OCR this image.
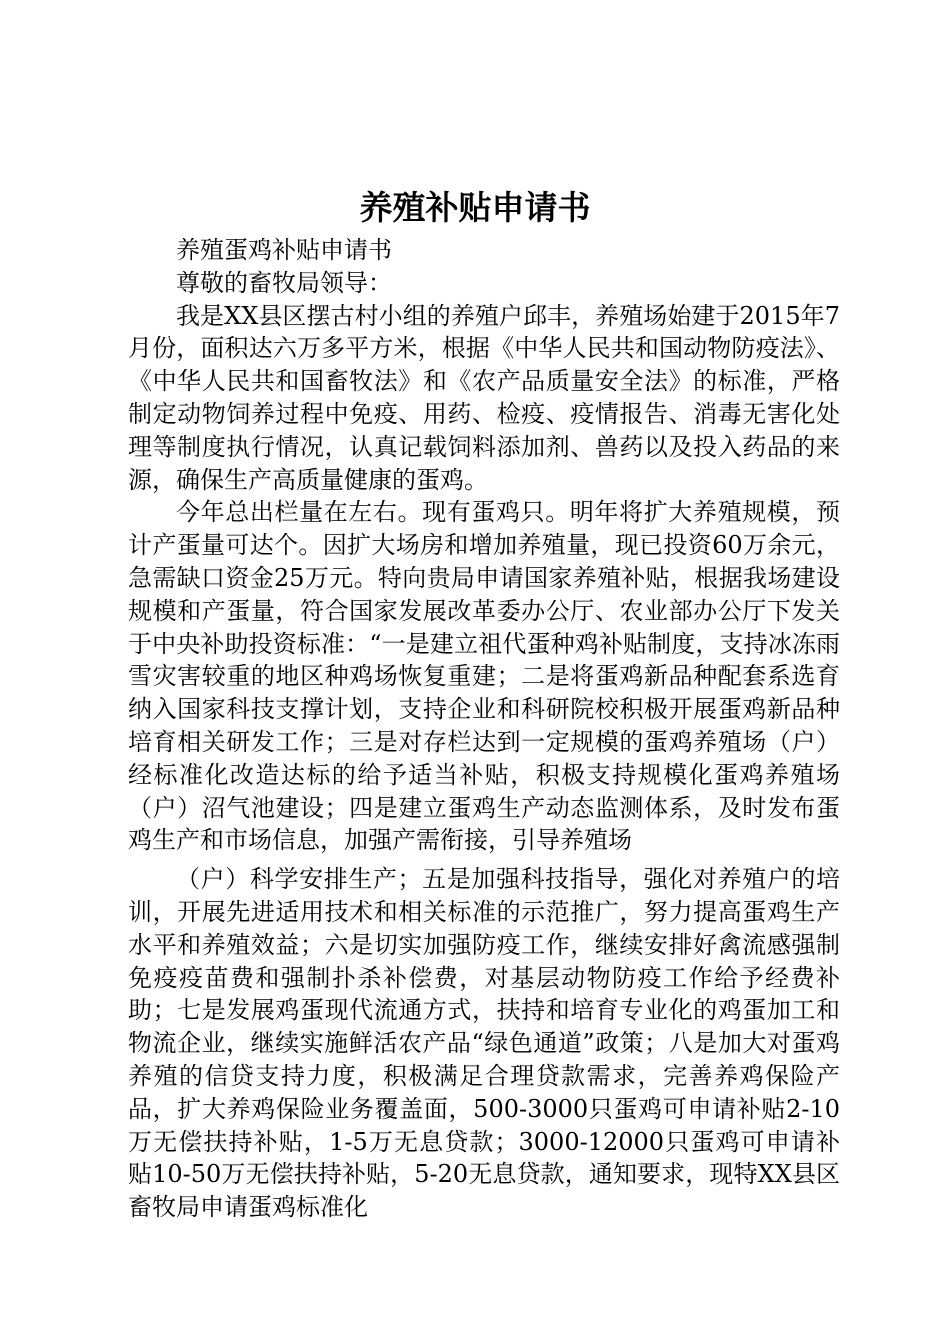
养殖补贴申请书

养殖蛋鸡补贴申请书

尊敬的畜牧局领导：

我是XX县区摆古村小组的养殖户邱丰，养殖场始建于2015年7月份，面积达六万多平方米，根据《中华人民共和国动物防疫法》、《中华人民共和国畜牧法》和《农产品质量安全法》的标准，严格制定动物饲养过程中免疫、用药、检疫、疫情报告、消毒无害化处理等制度执行情况，认真记载饲料添加剂、兽药以及投入药品的来源，确保生产高质量健康的蛋鸡。

今年总出栏量在左右。现有蛋鸡只。明年将扩大养殖规模，预计产蛋量可达个。因扩大场房和增加养殖量，现已投资60万余元，急需缺口资金25万元。特向贵局申请国家养殖补贴，根据我场建设规模和产蛋量，符合国家发展改革委办公厅、农业部办公厅下发关于中央补助投资标准：“一是建立祖代蛋种鸡补贴制度，支持冰冻雨雪灾害较重的地区种鸡场恢复重建；二是将蛋鸡新品种配套系选育纳入国家科技支撑计划，支持企业和科研院校积极开展蛋鸡新品种培育相关研发工作；三是对存栏达到一定规模的蛋鸡养殖场（户）经标准化改造达标的给予适当补贴，积极支持规模化蛋鸡养殖场（户）沼气池建设；四是建立蛋鸡生产动态监测体系，及时发布蛋鸡生产和市场信息，加强产需衔接，引导养殖场

（户）科学安排生产；五是加强科技指导，强化对养殖户的培训，开展先进适用技术和相关标准的示范推广，努力提高蛋鸡生产水平和养殖效益；六是切实加强防疫工作，继续安排好禽流感强制免疫疫苗费和强制扑杀补偿费，对基层动物防疫工作给予经费补助；七是发展鸡蛋现代流通方式，扶持和培育专业化的鸡蛋加工和物流企业，继续实施鲜活农产品“绿色通道”政策；八是加大对蛋鸡养殖的信贷支持力度，积极满足合理贷款需求，完善养鸡保险产品，扩大养鸡保险业务覆盖面，500-3000只蛋鸡可申请补贴2-10万无偿扶持补贴，1-5万无息贷款；3000-12000只蛋鸡可申请补贴10-50万无偿扶持补贴，5-20无息贷款，通知要求，现特XX县区畜牧局申请蛋鸡标准化
